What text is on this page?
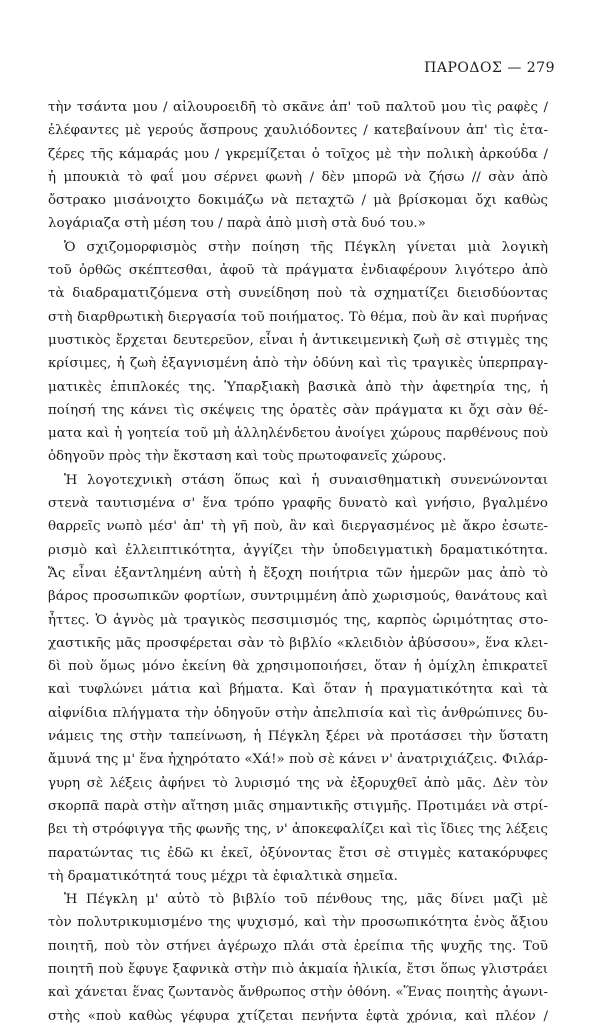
ΠΑΡΟΔΟΣ — 279
τὴν τσάντα μου / αἰλουροειδῆ τὸ σκᾶνε ἀπ' τοῦ παλτοῦ μου τὶς ραφὲς /
ἐλέφαντες μὲ γερούς ἄσπρους χαυλιόδοντες / κατεβαίνουν ἀπ' τὶς ἐτα-
ζέρες τῆς κάμαράς μου / γκρεμίζεται ὁ τοῖχος μὲ τὴν πολικὴ ἀρκούδα /
ἡ μπουκιὰ τὸ φαΐ μου σέρνει φωνὴ / δὲν μπορῶ νὰ ζήσω // σὰν ἀπὸ
ὄστρακο μισάνοιχτο δοκιμάζω νὰ πεταχτῶ / μὰ βρίσκομαι ὄχι καθὼς
λογάριαζα στὴ μέση του / παρὰ ἀπὸ μισὴ στὰ δυό του.»
Ὁ σχιζομορφισμὸς στὴν ποίηση τῆς Πέγκλη γίνεται μιὰ λογικὴ
τοῦ ὀρθῶς σκέπτεσθαι, ἀφοῦ τὰ πράγματα ἐνδιαφέρουν λιγότερο ἀπὸ
τὰ διαδραματιζόμενα στὴ συνείδηση ποὺ τὰ σχηματίζει διεισδύοντας
στὴ διαρθρωτικὴ διεργασία τοῦ ποιήματος. Τὸ θέμα, ποὺ ἂν καὶ πυρήνας
μυστικὸς ἔρχεται δευτερεῦον, εἶναι ἡ ἀντικειμενικὴ ζωὴ σὲ στιγμὲς της
κρίσιμες, ἡ ζωὴ ἐξαγνισμένη ἀπὸ τὴν ὀδύνη καὶ τὶς τραγικὲς ὑπερπραγ-
ματικὲς ἐπιπλοκές της. Ὑπαρξιακὴ βασικὰ ἀπὸ τὴν ἀφετηρία της, ἡ
ποίησή της κάνει τὶς σκέψεις της ὁρατὲς σὰν πράγματα κι ὄχι σὰν θέ-
ματα καὶ ἡ γοητεία τοῦ μὴ ἀλληλένδετου ἀνοίγει χώρους παρθένους ποὺ
ὁδηγοῦν πρὸς τὴν ἔκσταση καὶ τοὺς πρωτοφανεῖς χώρους.
Ἡ λογοτεχνικὴ στάση ὅπως καὶ ἡ συναισθηματικὴ συνενώνονται
στενὰ ταυτισμένα σ' ἕνα τρόπο γραφῆς δυνατὸ καὶ γνήσιο, βγαλμένο
θαρρεῖς νωπὸ μέσ' ἀπ' τὴ γῆ ποὺ, ἂν καὶ διεργασμένος μὲ ἄκρο ἐσωτε-
ρισμὸ καὶ ἐλλειπτικότητα, ἀγγίζει τὴν ὑποδειγματικὴ δραματικότητα.
Ἄς εἶναι ἐξαντλημένη αὐτὴ ἡ ἔξοχη ποιήτρια τῶν ἡμερῶν μας ἀπὸ τὸ
βάρος προσωπικῶν φορτίων, συντριμμένη ἀπὸ χωρισμούς, θανάτους καὶ
ἧττες. Ὁ ἁγνὸς μὰ τραγικὸς πεσσιμισμός της, καρπὸς ὡριμότητας στο-
χαστικῆς μᾶς προσφέρεται σὰν τὸ βιβλίο «κλειδιὸν ἀβύσσου», ἕνα κλει-
δὶ ποὺ ὅμως μόνο ἐκείνη θὰ χρησιμοποιήσει, ὅταν ἡ ὁμίχλη ἐπικρατεῖ
καὶ τυφλώνει μάτια καὶ βήματα. Καὶ ὅταν ἡ πραγματικότητα καὶ τὰ
αἰφνίδια πλήγματα τὴν ὁδηγοῦν στὴν ἀπελπισία καὶ τὶς ἀνθρώπινες δυ-
νάμεις της στὴν ταπείνωση, ἡ Πέγκλη ξέρει νὰ προτάσσει τὴν ὕστατη
ἄμυνά της μ' ἕνα ἠχηρότατο «Χά!» ποὺ σὲ κάνει ν' ἀνατριχιάζεις. Φιλάρ-
γυρη σὲ λέξεις ἀφήνει τὸ λυρισμό της νὰ ἐξορυχθεῖ ἀπὸ μᾶς. Δὲν τὸν
σκορπᾶ παρὰ στὴν αἴτηση μιᾶς σημαντικῆς στιγμῆς. Προτιμάει νὰ στρί-
βει τὴ στρόφιγγα τῆς φωνῆς της, ν' ἀποκεφαλίζει καὶ τὶς ἴδιες της λέξεις
παρατώντας τις ἐδῶ κι ἐκεῖ, ὀξύνοντας ἔτσι σὲ στιγμὲς κατακόρυφες
τὴ δραματικότητά τους μέχρι τὰ ἐφιαλτικὰ σημεῖα.
Ἡ Πέγκλη μ' αὐτὸ τὸ βιβλίο τοῦ πένθους της, μᾶς δίνει μαζὶ μὲ
τὸν πολυτρικυμισμένο της ψυχισμό, καὶ τὴν προσωπικότητα ἑνὸς ἄξιου
ποιητῆ, ποὺ τὸν στήνει ἀγέρωχο πλάι στὰ ἐρείπια τῆς ψυχῆς της. Τοῦ
ποιητῆ ποὺ ἔφυγε ξαφνικὰ στὴν πιὸ ἀκμαία ἡλικία, ἔτσι ὅπως γλιστράει
καὶ χάνεται ἕνας ζωντανὸς ἄνθρωπος στὴν ὀθόνη. «Ἕνας ποιητὴς ἀγωνι-
στὴς «ποὺ καθὼς γέφυρα χτίζεται πενήντα ἑφτὰ χρόνια, καὶ πλέον /
